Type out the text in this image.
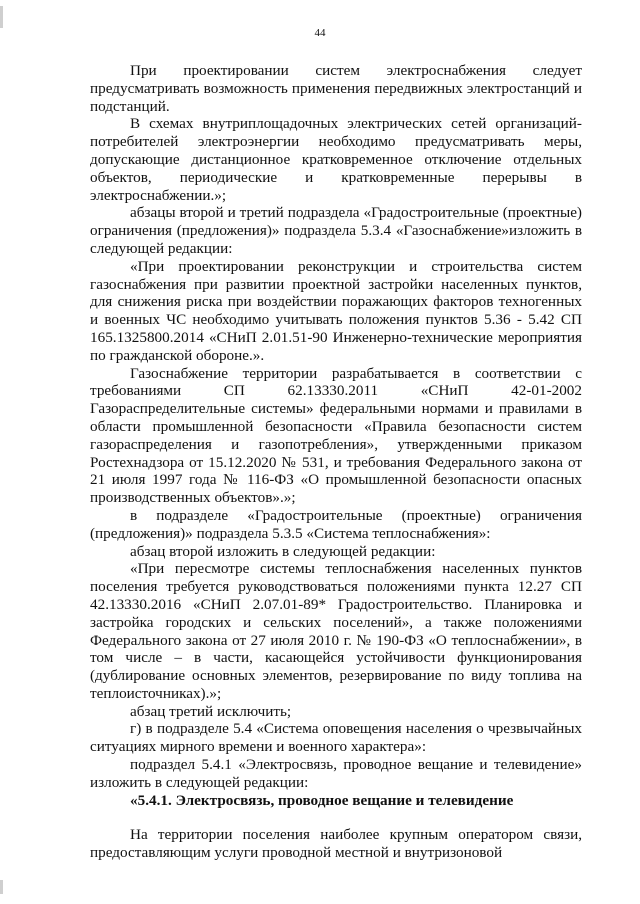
44

При проектировании систем электроснабжения следует предусматривать возможность применения передвижных электростанций и подстанций.

В схемах внутриплощадочных электрических сетей организаций-потребителей электроэнергии необходимо предусматривать меры, допускающие дистанционное кратковременное отключение отдельных объектов, периодические и кратковременные перерывы в электроснабжении.»;

абзацы второй и третий подраздела «Градостроительные (проектные) ограничения (предложения)» подраздела 5.3.4 «Газоснабжение»изложить в следующей редакции:

«При проектировании реконструкции и строительства систем газоснабжения при развитии проектной застройки населенных пунктов, для снижения риска при воздействии поражающих факторов техногенных и военных ЧС необходимо учитывать положения пунктов 5.36 - 5.42 СП 165.1325800.2014 «СНиП 2.01.51-90 Инженерно-технические мероприятия по гражданской обороне.».

Газоснабжение территории разрабатывается в соответствии с требованиями СП 62.13330.2011 «СНиП 42-01-2002 Газораспределительные системы» федеральными нормами и правилами в области промышленной безопасности «Правила безопасности систем газораспределения и газопотребления», утвержденными приказом Ростехнадзора от 15.12.2020 № 531, и требования Федерального закона от 21 июля 1997 года № 116-ФЗ «О промышленной безопасности опасных производственных объектов».»;

в подразделе «Градостроительные (проектные) ограничения (предложения)» подраздела 5.3.5 «Система теплоснабжения»:

абзац второй изложить в следующей редакции:

«При пересмотре системы теплоснабжения населенных пунктов поселения требуется руководствоваться положениями пункта 12.27 СП 42.13330.2016 «СНиП 2.07.01-89* Градостроительство. Планировка и застройка городских и сельских поселений», а также положениями Федерального закона от 27 июля 2010 г. № 190-ФЗ «О теплоснабжении», в том числе – в части, касающейся устойчивости функционирования (дублирование основных элементов, резервирование по виду топлива на теплоисточниках).»;

абзац третий исключить;

г) в подразделе 5.4 «Система оповещения населения о чрезвычайных ситуациях мирного времени и военного характера»:

подраздел 5.4.1 «Электросвязь, проводное вещание и телевидение» изложить в следующей редакции:

«5.4.1. Электросвязь, проводное вещание и телевидение

На территории поселения наиболее крупным оператором связи, предоставляющим услуги проводной местной и внутризоновой
